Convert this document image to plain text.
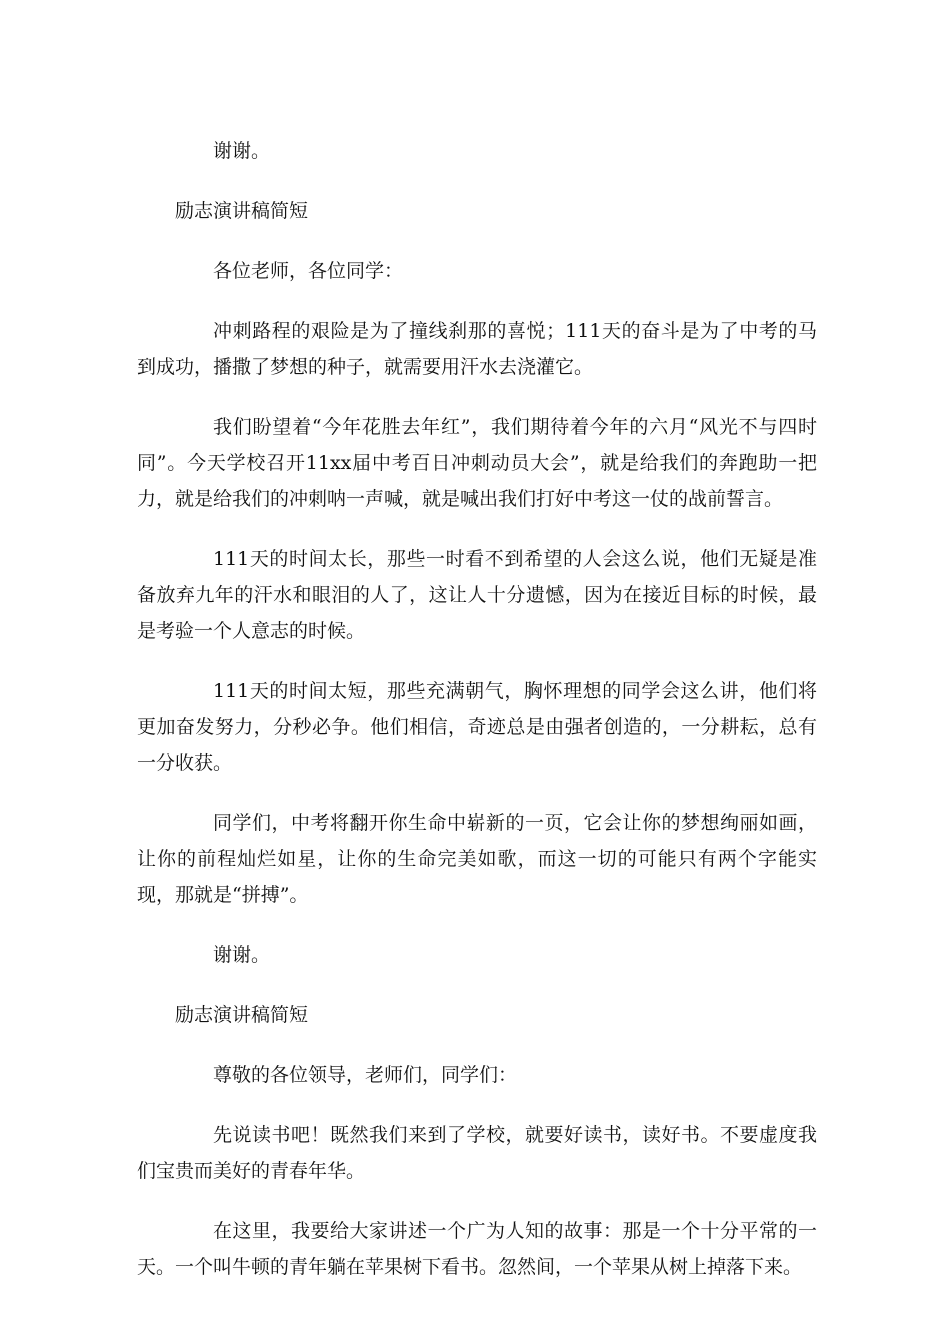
谢谢。

励志演讲稿简短

各位老师，各位同学：

冲刺路程的艰险是为了撞线刹那的喜悦；111天的奋斗是为了中考的马到成功，播撒了梦想的种子，就需要用汗水去浇灌它。

我们盼望着“今年花胜去年红”，我们期待着今年的六月“风光不与四时同”。今天学校召开11xx届中考百日冲刺动员大会”，就是给我们的奔跑助一把力，就是给我们的冲刺呐一声喊，就是喊出我们打好中考这一仗的战前誓言。

111天的时间太长，那些一时看不到希望的人会这么说，他们无疑是准备放弃九年的汗水和眼泪的人了，这让人十分遗憾，因为在接近目标的时候，最是考验一个人意志的时候。

111天的时间太短，那些充满朝气，胸怀理想的同学会这么讲，他们将更加奋发努力，分秒必争。他们相信，奇迹总是由强者创造的，一分耕耘，总有一分收获。

同学们，中考将翻开你生命中崭新的一页，它会让你的梦想绚丽如画，让你的前程灿烂如星，让你的生命完美如歌，而这一切的可能只有两个字能实现，那就是“拼搏”。

谢谢。

励志演讲稿简短

尊敬的各位领导，老师们，同学们：

先说读书吧！既然我们来到了学校，就要好读书，读好书。不要虚度我们宝贵而美好的青春年华。

在这里，我要给大家讲述一个广为人知的故事：那是一个十分平常的一天。一个叫牛顿的青年躺在苹果树下看书。忽然间，一个苹果从树上掉落下来。
